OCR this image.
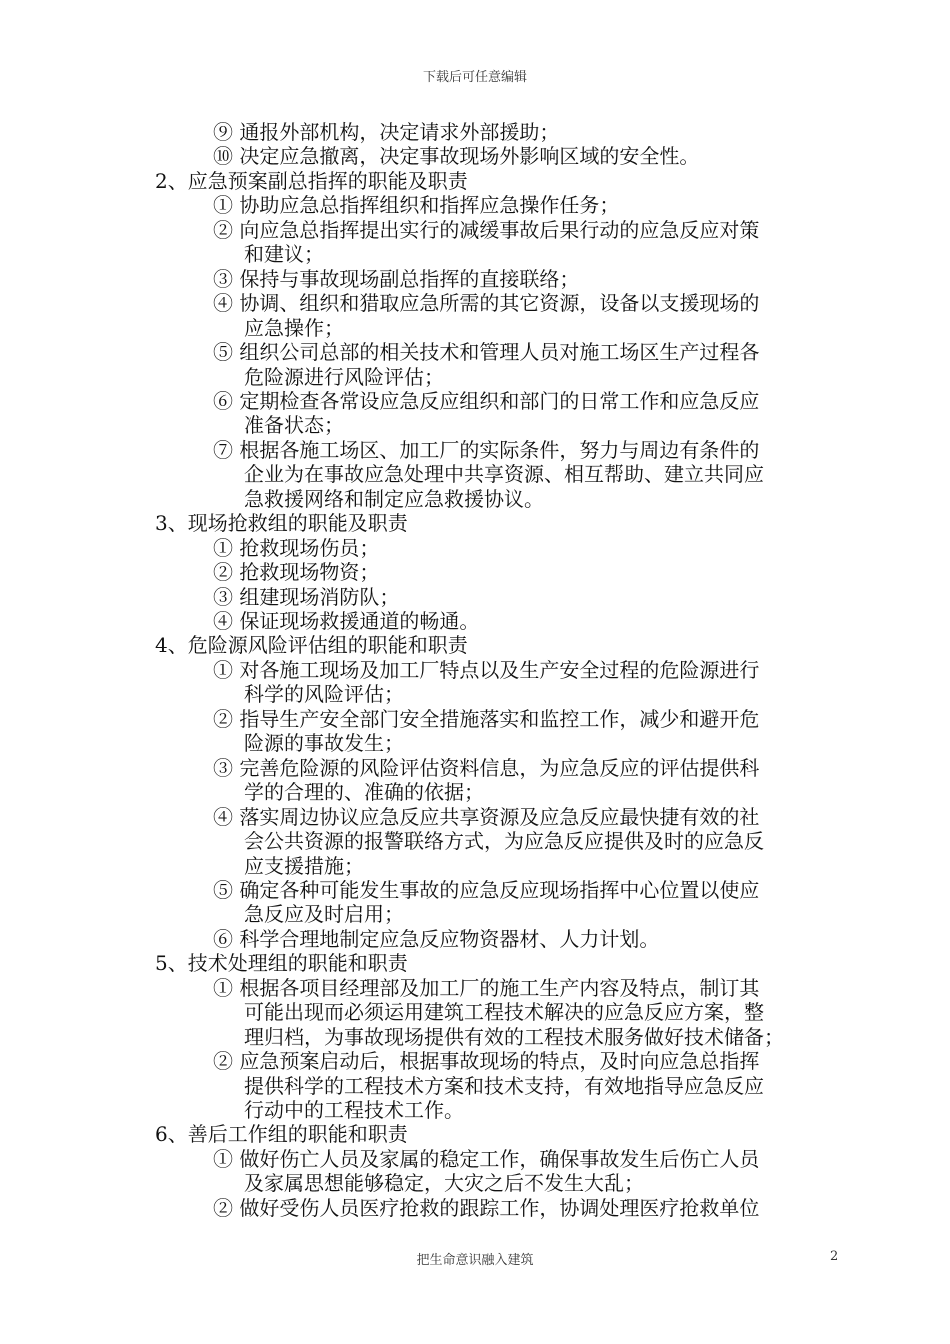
下载后可任意编辑
⑨ 通报外部机构，决定请求外部援助；
⑩ 决定应急撤离，决定事故现场外影响区域的安全性。
2、应急预案副总指挥的职能及职责
① 协助应急总指挥组织和指挥应急操作任务；
② 向应急总指挥提出实行的减缓事故后果行动的应急反应对策
和建议；
③ 保持与事故现场副总指挥的直接联络；
④ 协调、组织和猎取应急所需的其它资源，设备以支援现场的
应急操作；
⑤ 组织公司总部的相关技术和管理人员对施工场区生产过程各
危险源进行风险评估；
⑥ 定期检查各常设应急反应组织和部门的日常工作和应急反应
准备状态；
⑦ 根据各施工场区、加工厂的实际条件，努力与周边有条件的
企业为在事故应急处理中共享资源、相互帮助、建立共同应
急救援网络和制定应急救援协议。
3、现场抢救组的职能及职责
① 抢救现场伤员；
② 抢救现场物资；
③ 组建现场消防队；
④ 保证现场救援通道的畅通。
4、危险源风险评估组的职能和职责
① 对各施工现场及加工厂特点以及生产安全过程的危险源进行
科学的风险评估；
② 指导生产安全部门安全措施落实和监控工作，减少和避开危
险源的事故发生；
③ 完善危险源的风险评估资料信息，为应急反应的评估提供科
学的合理的、准确的依据；
④ 落实周边协议应急反应共享资源及应急反应最快捷有效的社
会公共资源的报警联络方式，为应急反应提供及时的应急反
应支援措施；
⑤ 确定各种可能发生事故的应急反应现场指挥中心位置以使应
急反应及时启用；
⑥ 科学合理地制定应急反应物资器材、人力计划。
5、技术处理组的职能和职责
① 根据各项目经理部及加工厂的施工生产内容及特点，制订其
可能出现而必须运用建筑工程技术解决的应急反应方案，整
理归档，为事故现场提供有效的工程技术服务做好技术储备；
② 应急预案启动后，根据事故现场的特点，及时向应急总指挥
提供科学的工程技术方案和技术支持，有效地指导应急反应
行动中的工程技术工作。
6、善后工作组的职能和职责
① 做好伤亡人员及家属的稳定工作，确保事故发生后伤亡人员
及家属思想能够稳定，大灾之后不发生大乱；
② 做好受伤人员医疗抢救的跟踪工作，协调处理医疗抢救单位
把生命意识融入建筑	2
